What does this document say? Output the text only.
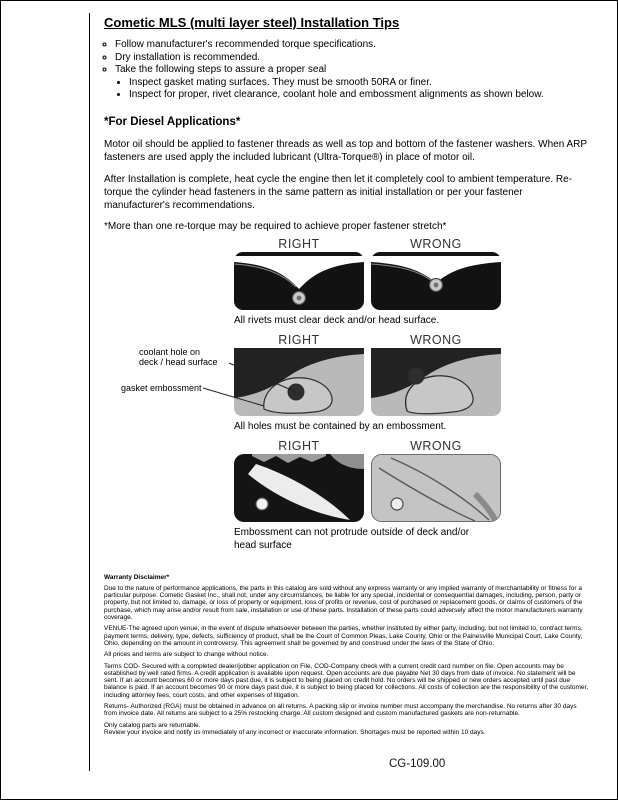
Cometic MLS (multi layer steel) Installation Tips
◦ Follow manufacturer's recommended torque specifications.
◦ Dry installation is recommended.
◦ Take the following steps to assure a proper seal
• Inspect gasket mating surfaces. They must be smooth 50RA or finer.
• Inspect for proper, rivet clearance, coolant hole and embossment alignments as shown below.
*For Diesel Applications*

Motor oil should be applied to fastener threads as well as top and bottom of the fastener washers. When ARP fasteners are used apply the included lubricant (Ultra-Torque®) in place of motor oil.

After Installation is complete, heat cycle the engine then let it completely cool to ambient temperature. Re-torque the cylinder head fasteners in the same pattern as initial installation or per your fastener manufacturer's recommendations.

*More than one re-torque may be required to achieve proper fastener stretch*

RIGHT	WRONG
All rivets must clear deck and/or head surface.
coolant hole on
deck / head surface
gasket embossment
RIGHT	WRONG
All holes must be contained by an embossment.
RIGHT	WRONG
Embossment can not protrude outside of deck and/or head surface
Warranty Disclaimer*

Due to the nature of performance applications, the parts in this catalog are sold without any express warranty or any implied warranty of merchantability or fitness for a particular purpose. Cometic Gasket Inc., shall not, under any circumstances, be liable for any special, incidental or consequential damages, including, person, party or property, but not limited to, damage, or loss of property or equipment, loss of profits or revenue, cost of purchased or replacement goods, or claims of customers of the purchase, which may arise and/or result from sale, installation or use of these parts. Installation of these parts could adversely affect the motor manufacturers warranty coverage.

VENUE-The agreed upon venue, in the event of dispute whatsoever between the parties, whether instituted by either party, including, but not limited to, contract terms, payment terms, delivery, type, defects, sufficiency of product, shall be the Court of Common Pleas, Lake County, Ohio or the Painesville Municipal Court, Lake County, Ohio, depending on the amount in controversy. This agreement shall be governed by and construed under the laws of the State of Ohio.

All prices and terms are subject to change without notice.

Terms COD- Secured with a completed dealer/jobber application on File, COD-Company check with a current credit card number on file. Open accounts may be established by well rated firms. A credit application is available upon request. Open accounts are due payable Net 30 days from date of invoice. No statement will be sent. If an account becomes 60 or more days past due, it is subject to being placed on credit hold. No orders will be shipped or new orders accepted until past due balance is paid. If an account becomes 90 or more days past due, it is subject to being placed for collections. All costs of collection are the responsibility of the customer, including attorney fees, court costs, and other expenses of litigation.

Returns- Authorized (RGA) must be obtained in advance on all returns. A packing slip or invoice number must accompany the merchandise. No returns after 30 days from invoice date. All returns are subject to a 25% restocking charge. All custom designed and custom manufactured gaskets are non-returnable.

Only catalog parts are returnable.

Review your invoice and notify us immediately of any incorrect or inaccurate information. Shortages must be reported within 10 days.

CG-109.00
